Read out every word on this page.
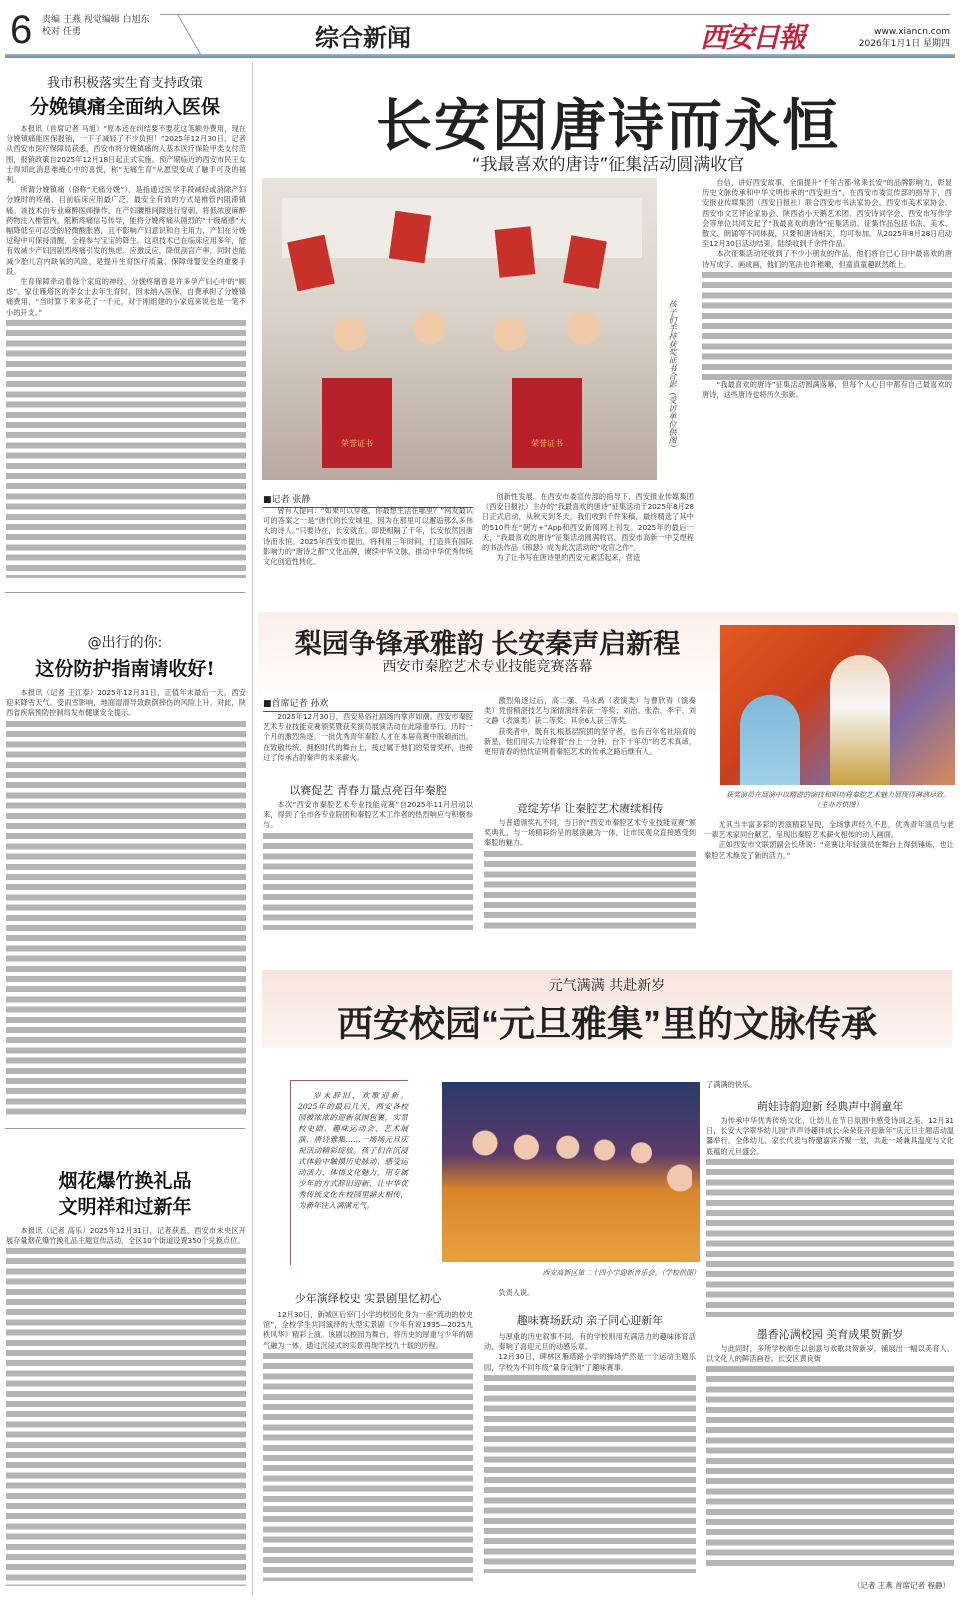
6 责编 王燕 视觉编辑 白旭东
校对 任勇	综合新闻	西安日報	www.xiancn.com
2026年1月1日 星期四
我市积极落实生育支持政策
分娩镇痛全面纳入医保

本报讯（首席记者 马旭）“原本还在纠结要不要花这笔额外费用，现在分娩镇痛能医保报销，一下子减轻了不少负担！”2025年12月30日，记者从西安市医疗保障局获悉，西安市将分娩镇痛的人基本医疗保险甲类支付范围，报销政策自2025年12月18日起正式实施。预产期临近的西安市民王女士得知此消息难掩心中的喜悦，称“无痛生育”从愿望变成了触手可及的福利。

所谓分娩镇痛（俗称“无痛分娩”），是指通过医学手段减轻或消除产妇分娩时的疼痛，目前临床应用最广泛、最安全有效的方式是椎管内阻滞镇痛。该技术由专业麻醉医师操作，在产妇腰椎间隙进行穿刺，将低浓度麻醉药物注入椎管内，阻断疼痛信号传导，能将分娩疼痛从剧烈的“十级痛感”大幅降低至可忍受的轻微酸胀感，且不影响产妇意识和自主用力，产妇在分娩过程中可保持清醒，全程参与宝宝的降生。这项技术已在临床应用多年，能有效减少产妇因剧烈疼痛引发的焦虑、应激反应，降低剖宫产率，同时也能减少胎儿宫内缺氧的风险，是提升生育医疗质量、保障母婴安全的重要手段。

生育保障牵动着每个家庭的神经，分娩疼痛曾是许多孕产妇心中的“顾虑”。家住雁塔区的李女士去年生育时，因未纳入医保，自费承担了分娩镇痛费用，“当时算下来多花了一千元，对于刚组建的小家庭来说也是一笔不小的开支。”

@出行的你:
这份防护指南请收好!

本报讯（记者 王江泰）2025年12月31日，正值年末最后一天，西安迎来降雪天气。受雨雪影响，地面湿滑导致跌倒摔伤的风险上升。对此，陕西省疾病预防控制局发布健康安全提示。

烟花爆竹换礼品
文明祥和过新年

本报讯（记者 高乐）2025年12月31日，记者获悉，西安市未央区开展存量烟花爆竹换礼品主题宣传活动，全区10个街道设置350个兑换点位。

长安因唐诗而永恒
“我最喜欢的唐诗”征集活动圆满收官
荣誉证书	荣誉证书	孩子们手持获奖证书合影（受访单位供图）
■记者 张静

曾有人提问：“如果可以穿越，你最想生活在哪里？”网友最认可的答案之一是“唐代的长安城里，因为在那里可以邂逅那么多伟大的诗人。”只要诗在，长安就在。即使相隔了千年，长安依然因唐诗而永恒。2025年西安市提出，将利用三年时间，打造具有国际影响力的“唐诗之都”文化品牌，赓续中华文脉，推动中华优秀传统文化创造性转化、

创新性发展。在西安市委宣传部的指导下，西安报业传媒集团（西安日报社）主办的“我最喜欢的唐诗”征集活动于2025年8月28日正式启动，从秋天到冬天，我们收到千件来稿，最终精选了其中的510件在“朝方+”App和西安新闻网上刊发。2025年的最后一天，“我最喜欢的唐诗”征集活动圆满收官，西安市高新一中艾煜程的书法作品《锦瑟》成为此次活动的“收官之作”。

为了让书写在唐诗里的西安元素活起来，营造

自信，讲好西安故事，全面提升“千年古都·常来长安”的品牌影响力，彰显历史文脉传承和中华文明传承的“西安担当”，在西安市委宣传部的指导下，西安报业传媒集团（西安日报社）联合西安市书法家协会、西安市美术家协会、西安市文艺评论家协会、陕西省小天鹅艺术团、西安诗词学会、西安市写作学会等单位共同发起了“我最喜欢的唐诗”征集活动。征集作品包括书法、美术、散文、朗诵等不同体裁，只要和唐诗相关，均可参加。从2025年8月28日启动至12月30日活动结束，陆续收到千余件作品。

本次征集活动还收到了不少小朋友的作品，他们将自己心目中最喜欢的唐诗写成字、画成画，他们的笔法也许稚嫩，但童真童趣跃然纸上。

“我最喜欢的唐诗”征集活动圆满落幕，但每个人心目中都有自己最喜欢的唐诗，这些唐诗也将历久弥新。

梨园争锋承雅韵 长安秦声启新程
西安市秦腔艺术专业技能竞赛落幕
获奖演员在展演中以精湛的演技和唱功将秦腔艺术魅力展现得淋漓尽致。（主办方供图）
■首席记者 孙欢

2025年12月30日，西安易俗社剧场内掌声如潮。西安市秦腔艺术专业技能竞赛颁奖暨获奖演员展演活动在此隆重举行。历时一个月的激烈角逐，一批优秀青年秦腔人才在本届竞赛中脱颖而出，在致敬传统、拥抱时代的舞台上，接过属于他们的荣誉奖杯，也接过了传承古韵秦声的未来薪火。

以赛促艺 青春力量点亮百年秦腔

本次“西安市秦腔艺术专业技能竞赛”自2025年11月启动以来，得到了全市各专业院团和秦腔艺术工作者的热烈响应与积极参与。

激烈角逐过后，高二强、马永禹（表演类）与曹欣青（演奏类）凭借精湛技艺与深情演绎荣获一等奖；刘治、张浩、李宇、刘文静（表演类）获二等奖；其余6人获三等奖。

获奖者中，既有扎根基层院团的坚守者，也有百年名社培育的新星，他们用实力诠释着“台上一分钟，台下十年功”的艺术真谛，更用青春的热忱证明着秦腔艺术的传承之路后继有人。

竞绽芳华 让秦腔艺术赓续相传

与普通颁奖礼不同，当日的“西安市秦腔艺术专业技能竞赛”颁奖典礼，与一场精彩纷呈的展演融为一体，让市民观众直接感受到秦腔的魅力。

尤其当丰富多彩的表演精彩呈现，全场掌声经久不息，优秀青年演员与老一辈艺术家同台献艺，呈现出秦腔艺术薪火相传的动人画面。

正如西安市文联团副会长所说：“竞赛让年轻演员在舞台上得到锤炼，也让秦腔艺术焕发了新的活力。”

元气满满 共赴新岁
西安校园“元旦雅集”里的文脉传承
岁末辞旧，欢歌迎新。2025年的最后几天，西安各校园被浓浓的迎新氛围包裹，实景校史剧、趣味运动会、艺术展演、唐诗雅集……一场场元旦庆祝活动精彩绽放。孩子们在沉浸式体验中触摸历史脉动、感受运动活力、体悟文化魅力，用专属少年的方式辞旧迎新，让中华优秀传统文化在校园里薪火相传，为新年注入满满元气。
西安高新区第二十四小学迎新音乐会。（学校供图）
少年演绎校史 实景剧里忆初心

12月30日，新城区后宰门小学的校园化身为一座“流动的校史馆”，全校学生共同演绎的大型实景剧《少年有说1935—2025九秩风华》精彩上演。该剧以校园为舞台，将历史的厚重与少年的朝气融为一体，通过沉浸式的实景再现学校九十载的历程。

负责人说。

趣味赛场跃动 亲子同心迎新年

与厚重的历史叙事不同，有的学校则用充满活力的趣味体育活动，奏响了喜迎元旦的动感乐章。

12月30日，碑林区雁塔路小学的操场俨然是一个运动主题乐园，学校为不同年级“量身定制”了趣味赛事。

了满满的快乐。
萌娃诗韵迎新 经典声中润童年

为传承中华优秀传统文化，让幼儿在节日氛围中感受诗词之美，12月31日，长安大学翠华幼儿园“声声诗趣伴成长·朵朵花开迎新年”庆元旦主题活动温馨举行。全体幼儿、家长代表与特邀嘉宾齐聚一堂，共赴一场兼具温度与文化底蕴的元旦盛会。

墨香沁满校园 美育成果贺新岁

与此同时，多所学校师生以创意与欢歌共贺新岁，铺展出一幅以美育人、以文化人的鲜活画卷。长安区黄良街

（记者 王燕 首席记者 程静）
